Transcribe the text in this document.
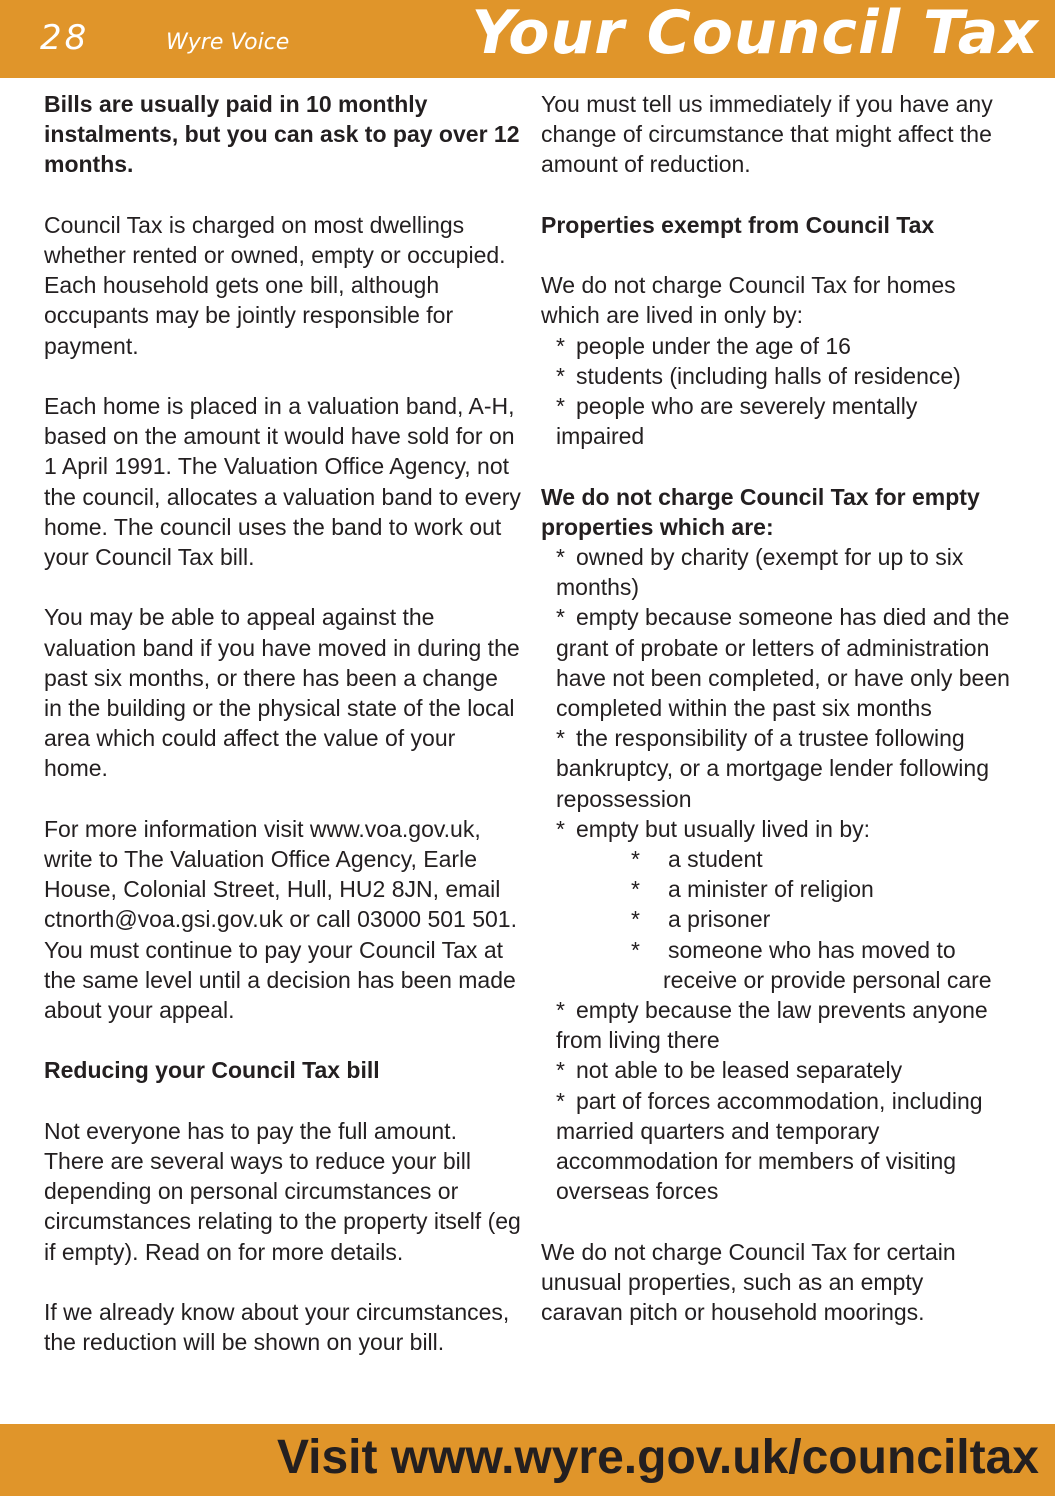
28	Wyre Voice	Your Council Tax

Bills are usually paid in 10 monthly instalments, but you can ask to pay over 12 months.

Council Tax is charged on most dwellings whether rented or owned, empty or occupied. Each household gets one bill, although occupants may be jointly responsible for payment.

Each home is placed in a valuation band, A-H, based on the amount it would have sold for on 1 April 1991. The Valuation Office Agency, not the council, allocates a valuation band to every home. The council uses the band to work out your Council Tax bill.

You may be able to appeal against the valuation band if you have moved in during the past six months, or there has been a change in the building or the physical state of the local area which could affect the value of your home.

For more information visit www.voa.gov.uk, write to The Valuation Office Agency, Earle House, Colonial Street, Hull, HU2 8JN, email ctnorth@voa.gsi.gov.uk or call 03000 501 501. You must continue to pay your Council Tax at the same level until a decision has been made about your appeal.

Reducing your Council Tax bill

Not everyone has to pay the full amount. There are several ways to reduce your bill depending on personal circumstances or circumstances relating to the property itself (eg if empty). Read on for more details.

If we already know about your circumstances, the reduction will be shown on your bill.

You must tell us immediately if you have any change of circumstance that might affect the amount of reduction.

Properties exempt from Council Tax

We do not charge Council Tax for homes which are lived in only by:

* people under the age of 16
* students (including halls of residence)
* people who are severely mentally impaired

We do not charge Council Tax for empty properties which are:

* owned by charity (exempt for up to six months)
* empty because someone has died and the grant of probate or letters of administration have not been completed, or have only been completed within the past six months
* the responsibility of a trustee following bankruptcy, or a mortgage lender following repossession
* empty but usually lived in by:
* a student
* a minister of religion
* a prisoner
* someone who has moved to
receive or provide personal care
* empty because the law prevents anyone from living there
* not able to be leased separately
* part of forces accommodation, including married quarters and temporary accommodation for members of visiting overseas forces

We do not charge Council Tax for certain unusual properties, such as an empty caravan pitch or household moorings.

Visit www.wyre.gov.uk/counciltax
